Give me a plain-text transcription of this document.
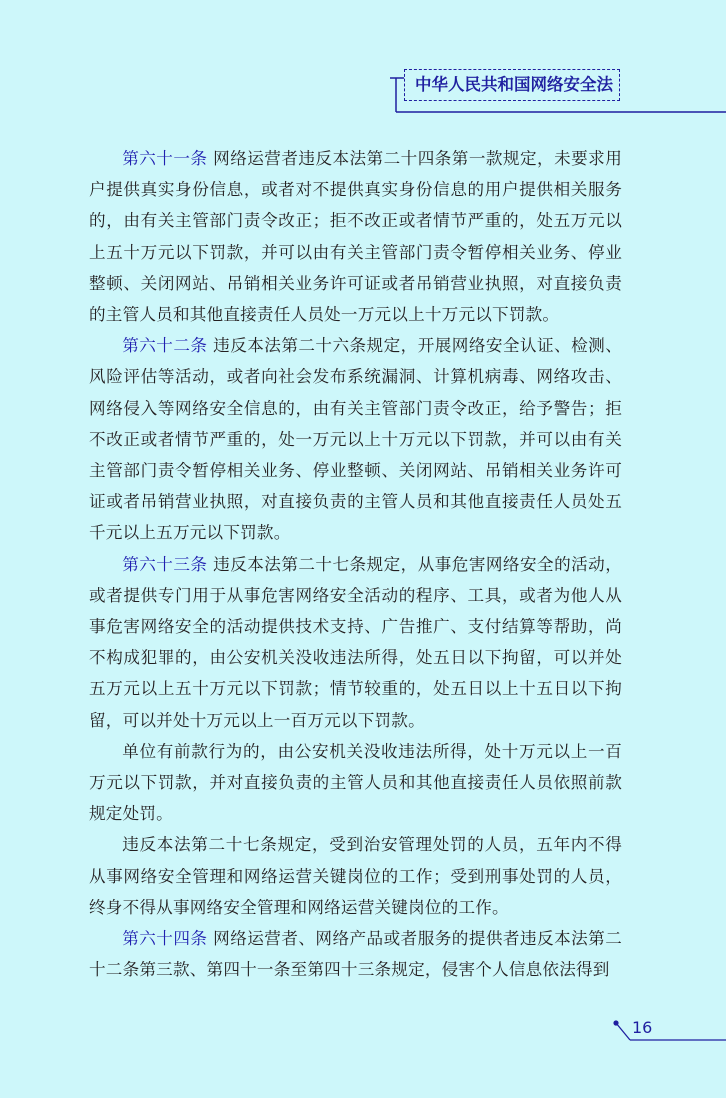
中华人民共和国网络安全法

第六十一条 网络运营者违反本法第二十四条第一款规定，未要求用户提供真实身份信息，或者对不提供真实身份信息的用户提供相关服务的，由有关主管部门责令改正；拒不改正或者情节严重的，处五万元以上五十万元以下罚款，并可以由有关主管部门责令暂停相关业务、停业整顿、关闭网站、吊销相关业务许可证或者吊销营业执照，对直接负责的主管人员和其他直接责任人员处一万元以上十万元以下罚款。

第六十二条 违反本法第二十六条规定，开展网络安全认证、检测、风险评估等活动，或者向社会发布系统漏洞、计算机病毒、网络攻击、网络侵入等网络安全信息的，由有关主管部门责令改正，给予警告；拒不改正或者情节严重的，处一万元以上十万元以下罚款，并可以由有关主管部门责令暂停相关业务、停业整顿、关闭网站、吊销相关业务许可证或者吊销营业执照，对直接负责的主管人员和其他直接责任人员处五千元以上五万元以下罚款。

第六十三条 违反本法第二十七条规定，从事危害网络安全的活动，或者提供专门用于从事危害网络安全活动的程序、工具，或者为他人从事危害网络安全的活动提供技术支持、广告推广、支付结算等帮助，尚不构成犯罪的，由公安机关没收违法所得，处五日以下拘留，可以并处五万元以上五十万元以下罚款；情节较重的，处五日以上十五日以下拘留，可以并处十万元以上一百万元以下罚款。

单位有前款行为的，由公安机关没收违法所得，处十万元以上一百万元以下罚款，并对直接负责的主管人员和其他直接责任人员依照前款规定处罚。

违反本法第二十七条规定，受到治安管理处罚的人员，五年内不得从事网络安全管理和网络运营关键岗位的工作；受到刑事处罚的人员，终身不得从事网络安全管理和网络运营关键岗位的工作。

第六十四条 网络运营者、网络产品或者服务的提供者违反本法第二十二条第三款、第四十一条至第四十三条规定，侵害个人信息依法得到

16
